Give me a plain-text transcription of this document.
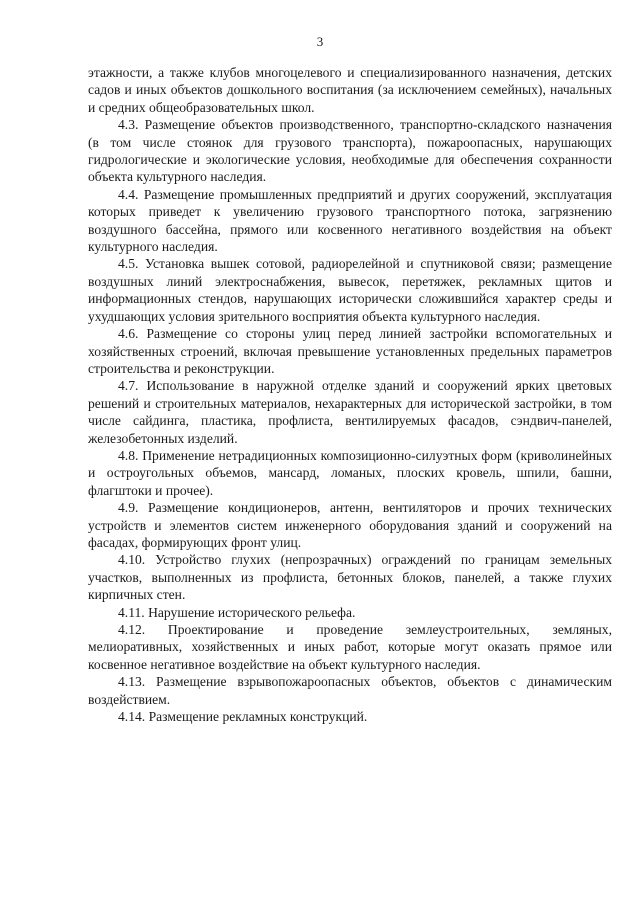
3

этажности, а также клубов многоцелевого и специализированного назначения, детских садов и иных объектов дошкольного воспитания (за исключением семейных), начальных и средних общеобразовательных школ.

4.3. Размещение объектов производственного, транспортно-складского назначения (в том числе стоянок для грузового транспорта), пожароопасных, нарушающих гидрологические и экологические условия, необходимые для обеспечения сохранности объекта культурного наследия.

4.4. Размещение промышленных предприятий и других сооружений, эксплуатация которых приведет к увеличению грузового транспортного потока, загрязнению воздушного бассейна, прямого или косвенного негативного воздействия на объект культурного наследия.

4.5. Установка вышек сотовой, радиорелейной и спутниковой связи; размещение воздушных линий электроснабжения, вывесок, перетяжек, рекламных щитов и информационных стендов, нарушающих исторически сложившийся характер среды и ухудшающих условия зрительного восприятия объекта культурного наследия.

4.6. Размещение со стороны улиц перед линией застройки вспомогательных и хозяйственных строений, включая превышение установленных предельных параметров строительства и реконструкции.

4.7. Использование в наружной отделке зданий и сооружений ярких цветовых решений и строительных материалов, нехарактерных для исторической застройки, в том числе сайдинга, пластика, профлиста, вентилируемых фасадов, сэндвич-панелей, железобетонных изделий.

4.8. Применение нетрадиционных композиционно-силуэтных форм (криволинейных и остроугольных объемов, мансард, ломаных, плоских кровель, шпили, башни, флагштоки и прочее).

4.9. Размещение кондиционеров, антенн, вентиляторов и прочих технических устройств и элементов систем инженерного оборудования зданий и сооружений на фасадах, формирующих фронт улиц.

4.10. Устройство глухих (непрозрачных) ограждений по границам земельных участков, выполненных из профлиста, бетонных блоков, панелей, а также глухих кирпичных стен.

4.11. Нарушение исторического рельефа.

4.12. Проектирование и проведение землеустроительных, земляных, мелиоративных, хозяйственных и иных работ, которые могут оказать прямое или косвенное негативное воздействие на объект культурного наследия.

4.13. Размещение взрывопожароопасных объектов, объектов с динамическим воздействием.

4.14. Размещение рекламных конструкций.
